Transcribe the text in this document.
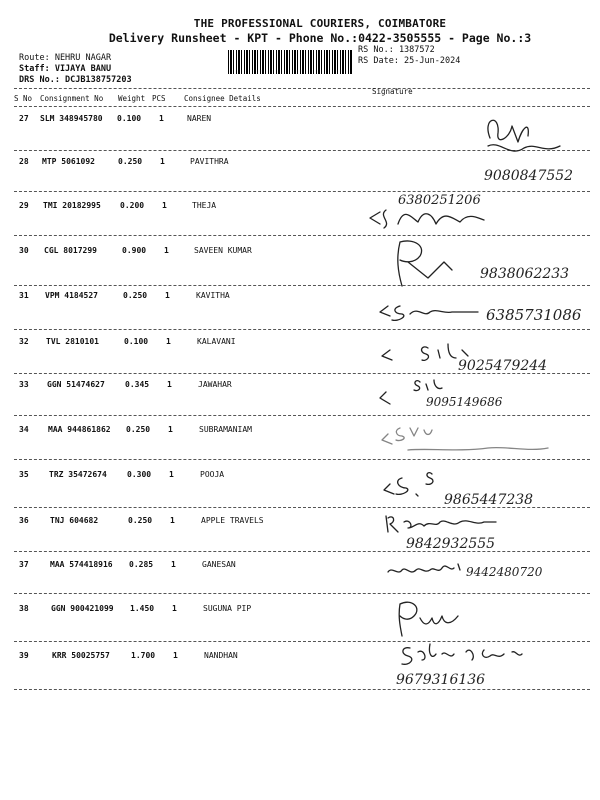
THE PROFESSIONAL COURIERS, COIMBATORE
Delivery Runsheet - KPT - Phone No.:0422-3505555 - Page No.:3
Route: NEHRU NAGAR
Staff: VIJAYA BANU
DRS No.: DCJB138757203
RS No.: 1387572
RS Date: 25-Jun-2024
S No Consignment No Weight PCS Consignee Details
Signature
27 SLM 348945780 0.100 1	NAREN
28 MTP 5061092	0.250 1	PAVITHRA
9080847552
29 TMI 20182995 0.200 1	THEJA	6380251206
30 CGL 8017299	0.900 1	SAVEEN KUMAR
9838062233
31 VPM 4184527	0.250 1	KAVITHA
6385731086
32 TVL 2810101	0.100 1	KALAVANI
9025479244
33 GGN 51474627	0.345 1	JAWAHAR
9095149686
34 MAA 944861862 0.250 1	SUBRAMANIAM
35	TRZ 35472674	0.300 1	POOJA
9865447238
36	TNJ 604682	0.250 1	APPLE TRAVELS
9842932555
37	MAA 574418916 0.285 1	GANESAN
9442480720
38	GGN 900421099 1.450 1	SUGUNA PIP
39	KRR 50025757	1.700 1	NANDHAN
9679316136
